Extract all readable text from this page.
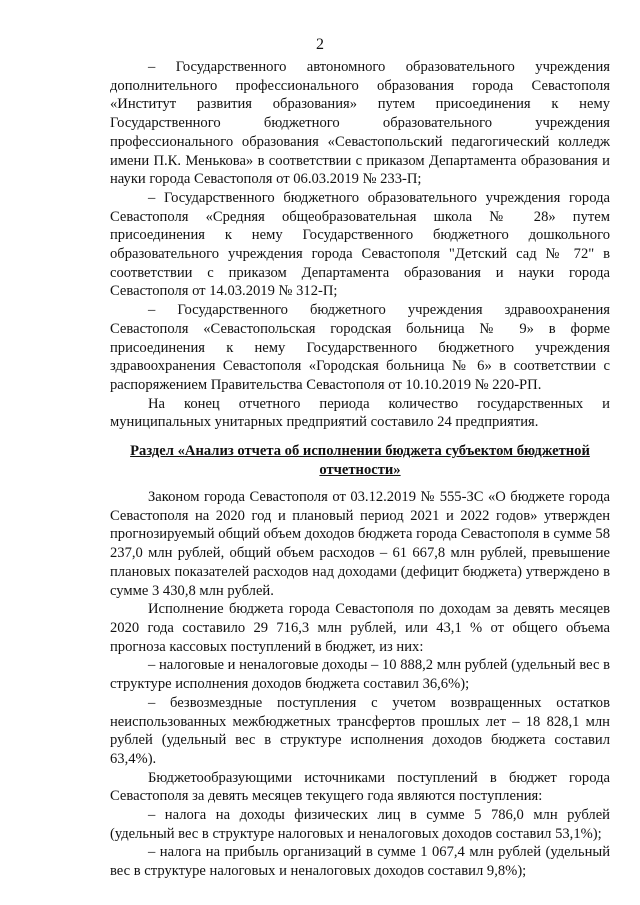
2

– Государственного автономного образовательного учреждения дополнительного профессионального образования города Севастополя «Институт развития образования» путем присоединения к нему Государственного бюджетного образовательного учреждения профессионального образования «Севастопольский педагогический колледж имени П.К. Менькова» в соответствии с приказом Департамента образования и науки города Севастополя от 06.03.2019 № 233-П;

– Государственного бюджетного образовательного учреждения города Севастополя «Средняя общеобразовательная школа № 28» путем присоединения к нему Государственного бюджетного дошкольного образовательного учреждения города Севастополя "Детский сад № 72" в соответствии с приказом Департамента образования и науки города Севастополя от 14.03.2019 № 312-П;

– Государственного бюджетного учреждения здравоохранения Севастополя «Севастопольская городская больница № 9» в форме присоединения к нему Государственного бюджетного учреждения здравоохранения Севастополя «Городская больница № 6» в соответствии с распоряжением Правительства Севастополя от 10.10.2019 № 220-РП.

На конец отчетного периода количество государственных и муниципальных унитарных предприятий составило 24 предприятия.

Раздел «Анализ отчета об исполнении бюджета субъектом бюджетной отчетности»

Законом города Севастополя от 03.12.2019 № 555-ЗС «О бюджете города Севастополя на 2020 год и плановый период 2021 и 2022 годов» утвержден прогнозируемый общий объем доходов бюджета города Севастополя в сумме 58 237,0 млн рублей, общий объем расходов – 61 667,8 млн рублей, превышение плановых показателей расходов над доходами (дефицит бюджета) утверждено в сумме 3 430,8 млн рублей.

Исполнение бюджета города Севастополя по доходам за девять месяцев 2020 года составило 29 716,3 млн рублей, или 43,1 % от общего объема прогноза кассовых поступлений в бюджет, из них:

– налоговые и неналоговые доходы – 10 888,2 млн рублей (удельный вес в структуре исполнения доходов бюджета составил 36,6%);

– безвозмездные поступления с учетом возвращенных остатков неиспользованных межбюджетных трансфертов прошлых лет – 18 828,1 млн рублей (удельный вес в структуре исполнения доходов бюджета составил 63,4%).

Бюджетообразующими источниками поступлений в бюджет города Севастополя за девять месяцев текущего года являются поступления:

– налога на доходы физических лиц в сумме 5 786,0 млн рублей (удельный вес в структуре налоговых и неналоговых доходов составил 53,1%);

– налога на прибыль организаций в сумме 1 067,4 млн рублей (удельный вес в структуре налоговых и неналоговых доходов составил 9,8%);
